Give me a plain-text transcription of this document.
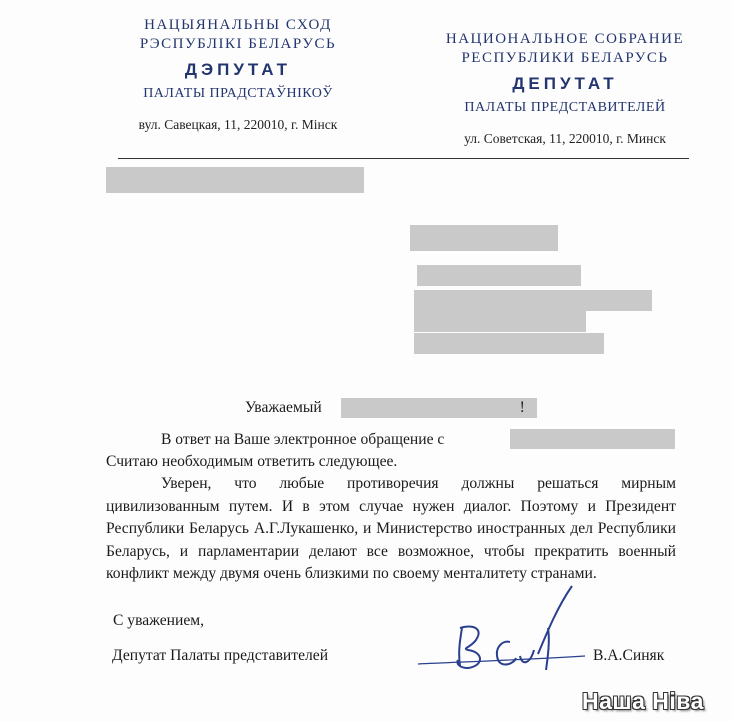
НАЦЫЯНАЛЬНЫ СХОД
РЭСПУБЛІКІ БЕЛАРУСЬ
ДЭПУТАТ
ПАЛАТЫ ПРАДСТАЎНІКОЎ
вул. Савецкая, 11, 220010, г. Мінск
НАЦИОНАЛЬНОЕ СОБРАНИЕ
РЕСПУБЛИКИ БЕЛАРУСЬ
ДЕПУТАТ
ПАЛАТЫ ПРЕДСТАВИТЕЛЕЙ
ул. Советская, 11, 220010, г. Минск
Уважаемый	!
В ответ на Ваше электронное обращение с
Считаю необходимым ответить следующее.
Уверен, что любые противоречия должны решаться мирным цивилизованным путем. И в этом случае нужен диалог. Поэтому и Президент Республики Беларусь А.Г.Лукашенко, и Министерство иностранных дел Республики Беларусь, и парламентарии делают все возможное, чтобы прекратить военный конфликт между двумя очень близкими по своему менталитету странами.
С уважением,
Депутат Палаты представителей	В.А.Синяк
Наша Ніва
